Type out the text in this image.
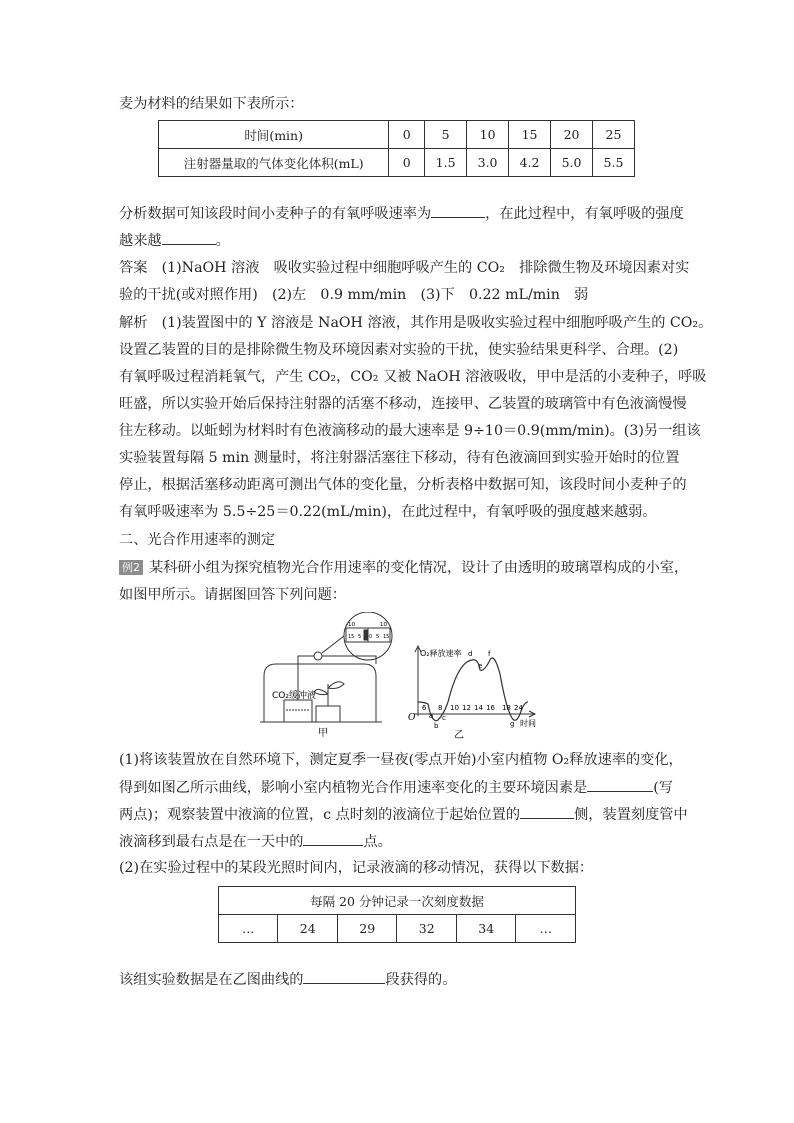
麦为材料的结果如下表所示：
时间(min)	0	5	10	15	20	25
注射器量取的气体变化体积(mL)	0	1.5	3.0	4.2	5.0	5.5
分析数据可知该段时间小麦种子的有氧呼吸速率为	，在此过程中，有氧呼吸的强度
越来越	。
答案　(1)NaOH 溶液　吸收实验过程中细胞呼吸产生的 CO₂　排除微生物及环境因素对实
验的干扰(或对照作用)　(2)左　0.9 mm/min　(3)下　0.22 mL/min　弱
解析　(1)装置图中的 Y 溶液是 NaOH 溶液，其作用是吸收实验过程中细胞呼吸产生的 CO₂。
设置乙装置的目的是排除微生物及环境因素对实验的干扰，使实验结果更科学、合理。(2)
有氧呼吸过程消耗氧气，产生 CO₂，CO₂ 又被 NaOH 溶液吸收，甲中是活的小麦种子，呼吸
旺盛，所以实验开始后保持注射器的活塞不移动，连接甲、乙装置的玻璃管中有色液滴慢慢
往左移动。以蚯蚓为材料时有色液滴移动的最大速率是 9÷10＝0.9(mm/min)。(3)另一组该
实验装置每隔 5 min 测量时，将注射器活塞往下移动，待有色液滴回到实验开始时的位置
停止，根据活塞移动距离可测出气体的变化量，分析表格中数据可知，该段时间小麦种子的
有氧呼吸速率为 5.5÷25＝0.22(mL/min)，在此过程中，有氧呼吸的强度越来越弱。
二、光合作用速率的测定
例2 某科研小组为探究植物光合作用速率的变化情况，设计了由透明的玻璃罩构成的小室，
如图甲所示。请据图回答下列问题：
-10	10
15 5 0 5 15
CO₂缓冲液
甲
O₂释放速率
时间
O
6 8 10 12 14 16 18 24
a
b
c
d
e
f
g
乙
(1)将该装置放在自然环境下，测定夏季一昼夜(零点开始)小室内植物 O₂释放速率的变化，
得到如图乙所示曲线，影响小室内植物光合作用速率变化的主要环境因素是	(写
两点)；观察装置中液滴的位置，c 点时刻的液滴位于起始位置的	侧，装置刻度管中
液滴移到最右点是在一天中的	点。
(2)在实验过程中的某段光照时间内，记录液滴的移动情况，获得以下数据：
每隔 20 分钟记录一次刻度数据
…	24	29	32	34	…
该组实验数据是在乙图曲线的	段获得的。
